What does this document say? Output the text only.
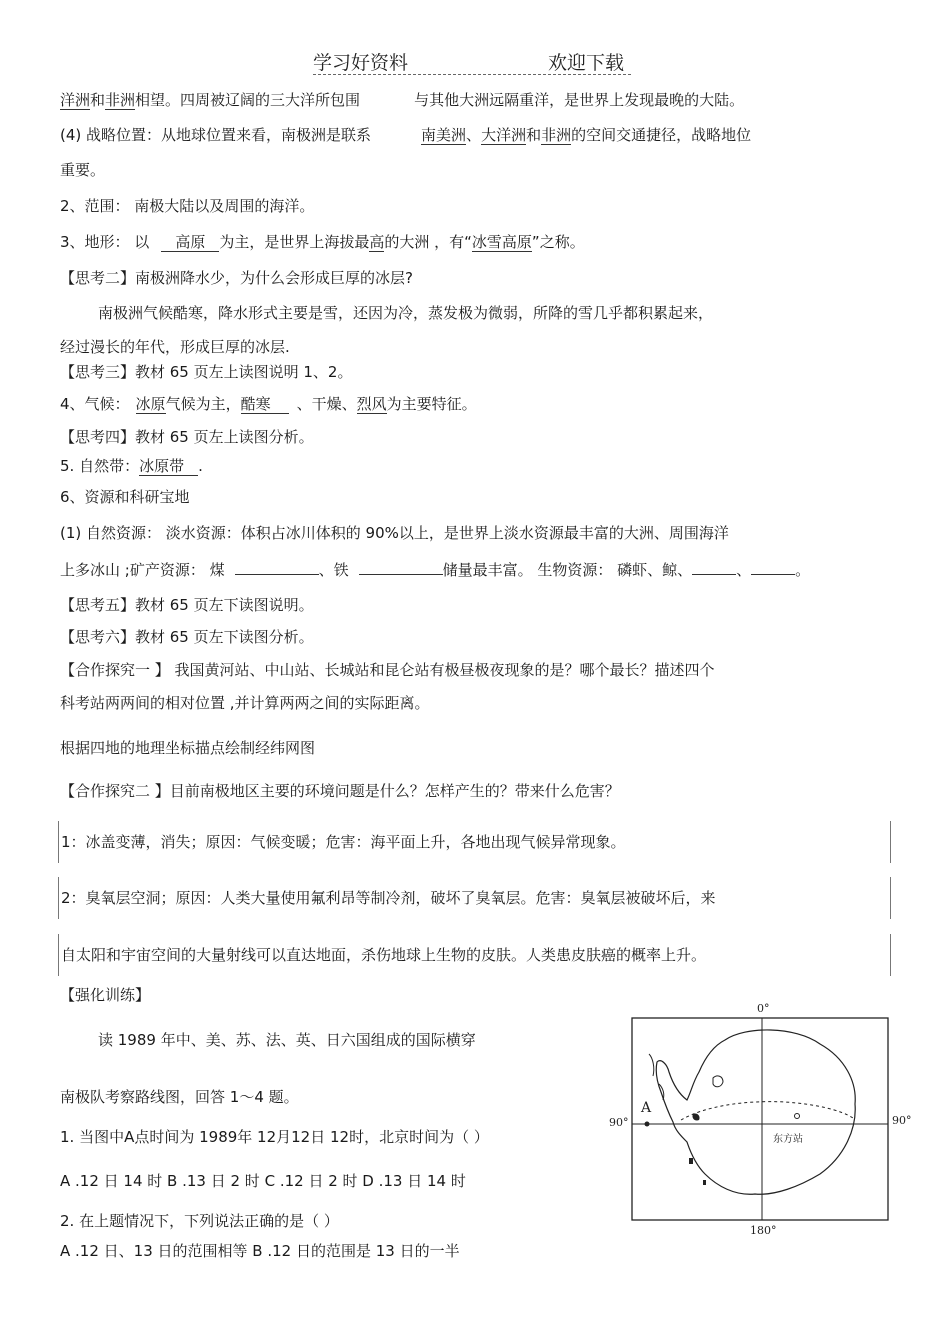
学习好资料	欢迎下载
洋洲和非洲相望。四周被辽阔的三大洋所包围	与其他大洲远隔重洋，是世界上发现最晚的大陆。
(4) 战略位置：从地球位置来看，南极洲是联系	南美洲、大洋洲和非洲的空间交通捷径，战略地位
重要。
2、范围： 南极大陆以及周围的海洋。
3、地形： 以 高原 为主，是世界上海拔最高的大洲 ，有“冰雪高原”之称。
【思考二】南极洲降水少，为什么会形成巨厚的冰层?
南极洲气候酷寒，降水形式主要是雪，还因为冷，蒸发极为微弱，所降的雪几乎都积累起来，
经过漫长的年代，形成巨厚的冰层.
【思考三】教材 65 页左上读图说明 1、2。
4、气候： 冰原气候为主，酷寒 、干燥、烈风为主要特征。
【思考四】教材 65 页左上读图分析。
5. 自然带：冰原带 .
6、资源和科研宝地
(1) 自然资源： 淡水资源：体积占冰川体积的 90%以上，是世界上淡水资源最丰富的大洲、周围海洋
上多冰山 ;矿产资源： 煤	、铁	储量最丰富。 生物资源： 磷虾、鲸、	、	。
【思考五】教材 65 页左下读图说明。
【思考六】教材 65 页左下读图分析。
【合作探究一 】 我国黄河站、中山站、长城站和昆仑站有极昼极夜现象的是？哪个最长？描述四个
科考站两两间的相对位置 ,并计算两两之间的实际距离。
根据四地的地理坐标描点绘制经纬网图
【合作探究二 】目前南极地区主要的环境问题是什么？怎样产生的？带来什么危害？
1：冰盖变薄，消失；原因：气候变暖；危害：海平面上升，各地出现气候异常现象。
2：臭氧层空洞；原因：人类大量使用氟利昂等制冷剂，破坏了臭氧层。危害：臭氧层被破坏后，来
自太阳和宇宙空间的大量射线可以直达地面，杀伤地球上生物的皮肤。人类患皮肤癌的概率上升。
【强化训练】
读 1989 年中、美、苏、法、英、日六国组成的国际横穿
南极队考察路线图，回答 1～4 题。
1. 当图中A点时间为 1989年 12月12日 12时，北京时间为（ ）
A .12 日 14 时 B .13 日 2 时 C .12 日 2 时 D .13 日 14 时
2. 在上题情况下，下列说法正确的是（ ）
A .12 日、13 日的范围相等 B .12 日的范围是 13 日的一半
0°
90°	90°
180°
A
东方站
